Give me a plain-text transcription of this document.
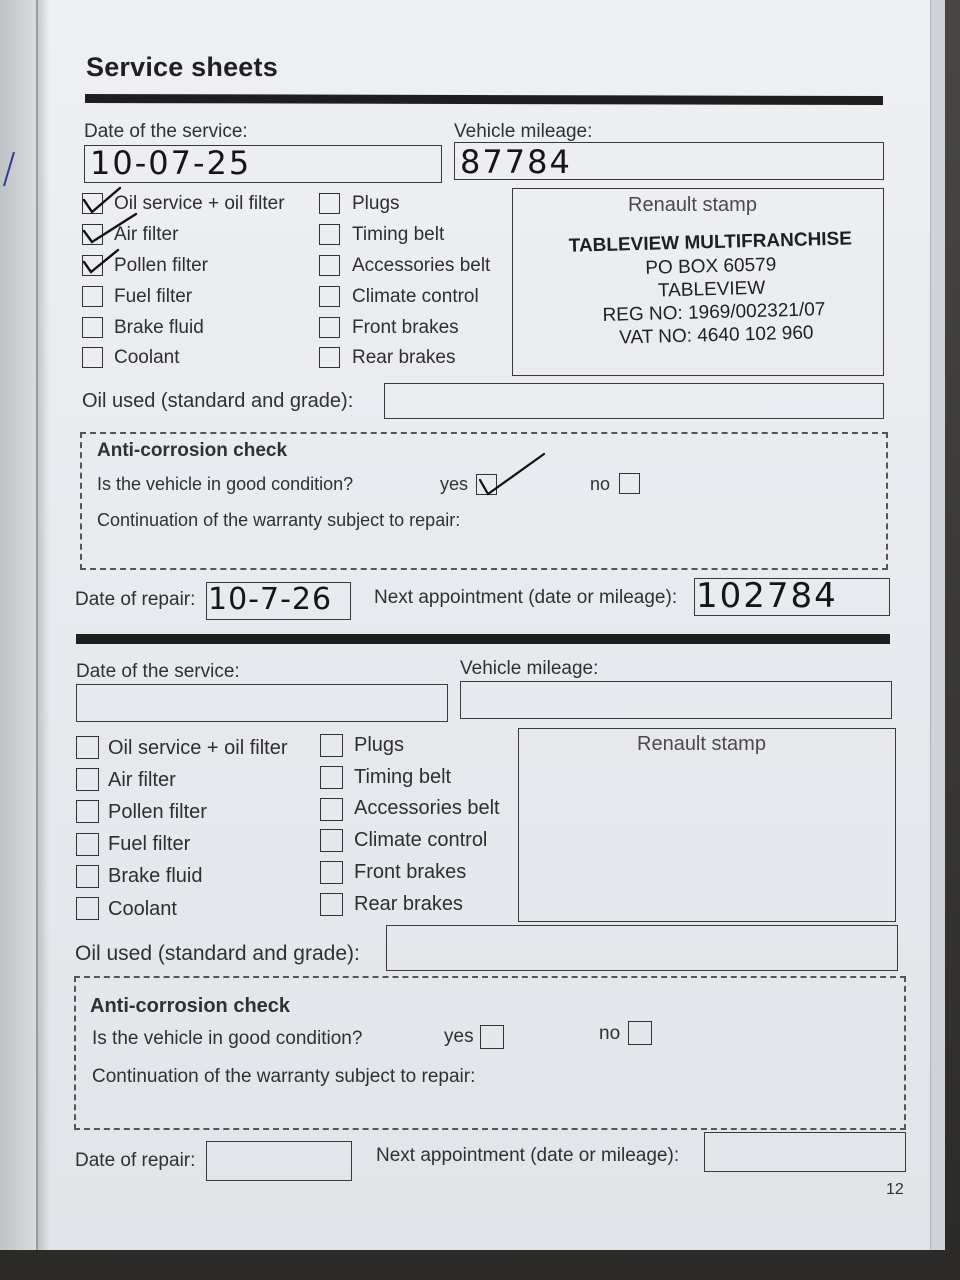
Service sheets
Date of the service:	Vehicle mileage:
10-07-25	87784
Oil service + oil filter
Air filter
Pollen filter
Fuel filter
Brake fluid
Coolant
Plugs
Timing belt
Accessories belt
Climate control
Front brakes
Rear brakes
Renault stamp
TABLEVIEW MULTIFRANCHISE
PO BOX 60579
TABLEVIEW
REG NO: 1969/002321/07
VAT NO: 4640 102 960
Oil used (standard and grade):
Anti-corrosion check
Is the vehicle in good condition?	yes	no
Continuation of the warranty subject to repair:
Date of repair: 10-7-26 Next appointment (date or mileage): 102784
Date of the service:	Vehicle mileage:
Oil service + oil filter
Air filter
Pollen filter
Fuel filter
Brake fluid
Coolant
Plugs
Timing belt
Accessories belt
Climate control
Front brakes
Rear brakes
Renault stamp
Oil used (standard and grade):
Anti-corrosion check
Is the vehicle in good condition?	yes	no
Continuation of the warranty subject to repair:
Date of repair:	Next appointment (date or mileage):
12
